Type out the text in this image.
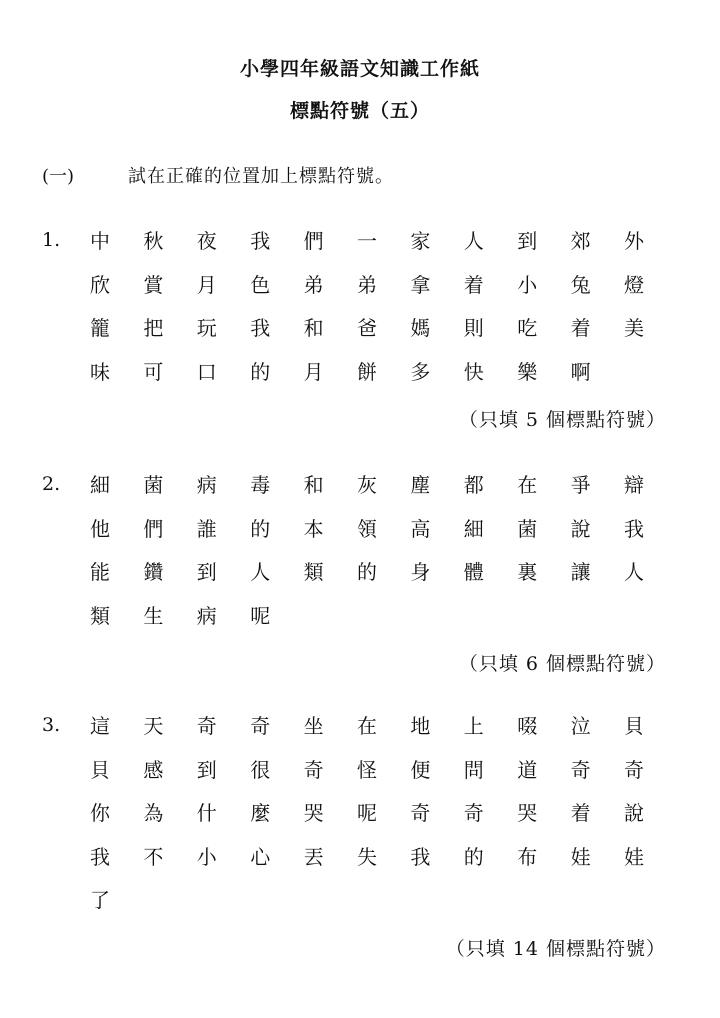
小學四年級語文知識工作紙
標點符號（五）
(一)	試在正確的位置加上標點符號。
1. 中 秋 夜 我 們 一 家 人 到 郊 外
欣 賞 月 色 弟 弟 拿 着 小 兔 燈
籠 把 玩 我 和 爸 媽 則 吃 着 美
味 可 口 的 月 餅 多 快 樂 啊
（只填 5 個標點符號）
2. 細 菌 病 毒 和 灰 塵 都 在 爭 辯
他 們 誰 的 本 領 高 細 菌 說 我
能 鑽 到 人 類 的 身 體 裏 讓 人
類 生 病 呢
（只填 6 個標點符號）
3. 這 天 奇 奇 坐 在 地 上 啜 泣 貝
貝 感 到 很 奇 怪 便 問 道 奇 奇
你 為 什 麼 哭 呢 奇 奇 哭 着 說
我 不 小 心 丟 失 我 的 布 娃 娃
了
（只填 14 個標點符號）
